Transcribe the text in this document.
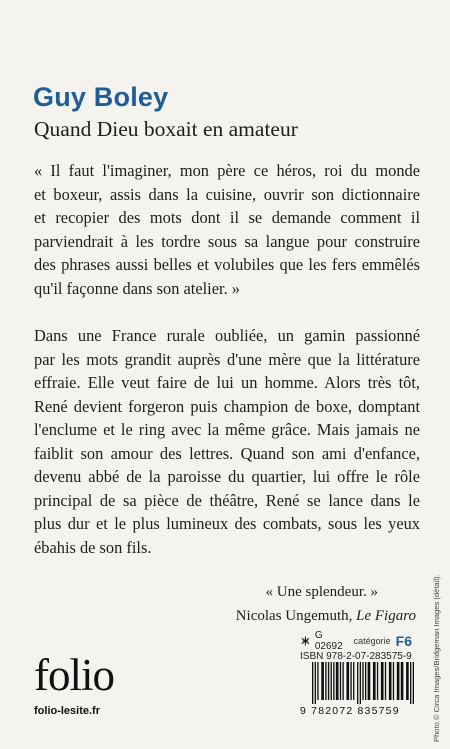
Guy Boley
Quand Dieu boxait en amateur
« Il faut l'imaginer, mon père ce héros, roi du monde
et boxeur, assis dans la cuisine, ouvrir son dictionnaire
et recopier des mots dont il se demande comment il
parviendrait à les tordre sous sa langue pour construire
des phrases aussi belles et volubiles que les fers emmêlés
qu'il façonne dans son atelier. »
Dans une France rurale oubliée, un gamin passionné
par les mots grandit auprès d'une mère que la littérature
effraie. Elle veut faire de lui un homme. Alors très tôt,
René devient forgeron puis champion de boxe, domptant
l'enclume et le ring avec la même grâce. Mais jamais ne
faiblit son amour des lettres. Quand son ami d'enfance,
devenu abbé de la paroisse du quartier, lui offre le rôle
principal de sa pièce de théâtre, René se lance dans le
plus dur et le plus lumineux des combats, sous les yeux
ébahis de son fils.
« Une splendeur. »
Nicolas Ungemuth, Le Figaro
G 02692	catégorie F6
ISBN 978-2-07-283575-9
9 782072 835759
folio
folio-lesite.fr	Photo © Circa Images/Bridgeman Images (détail).
